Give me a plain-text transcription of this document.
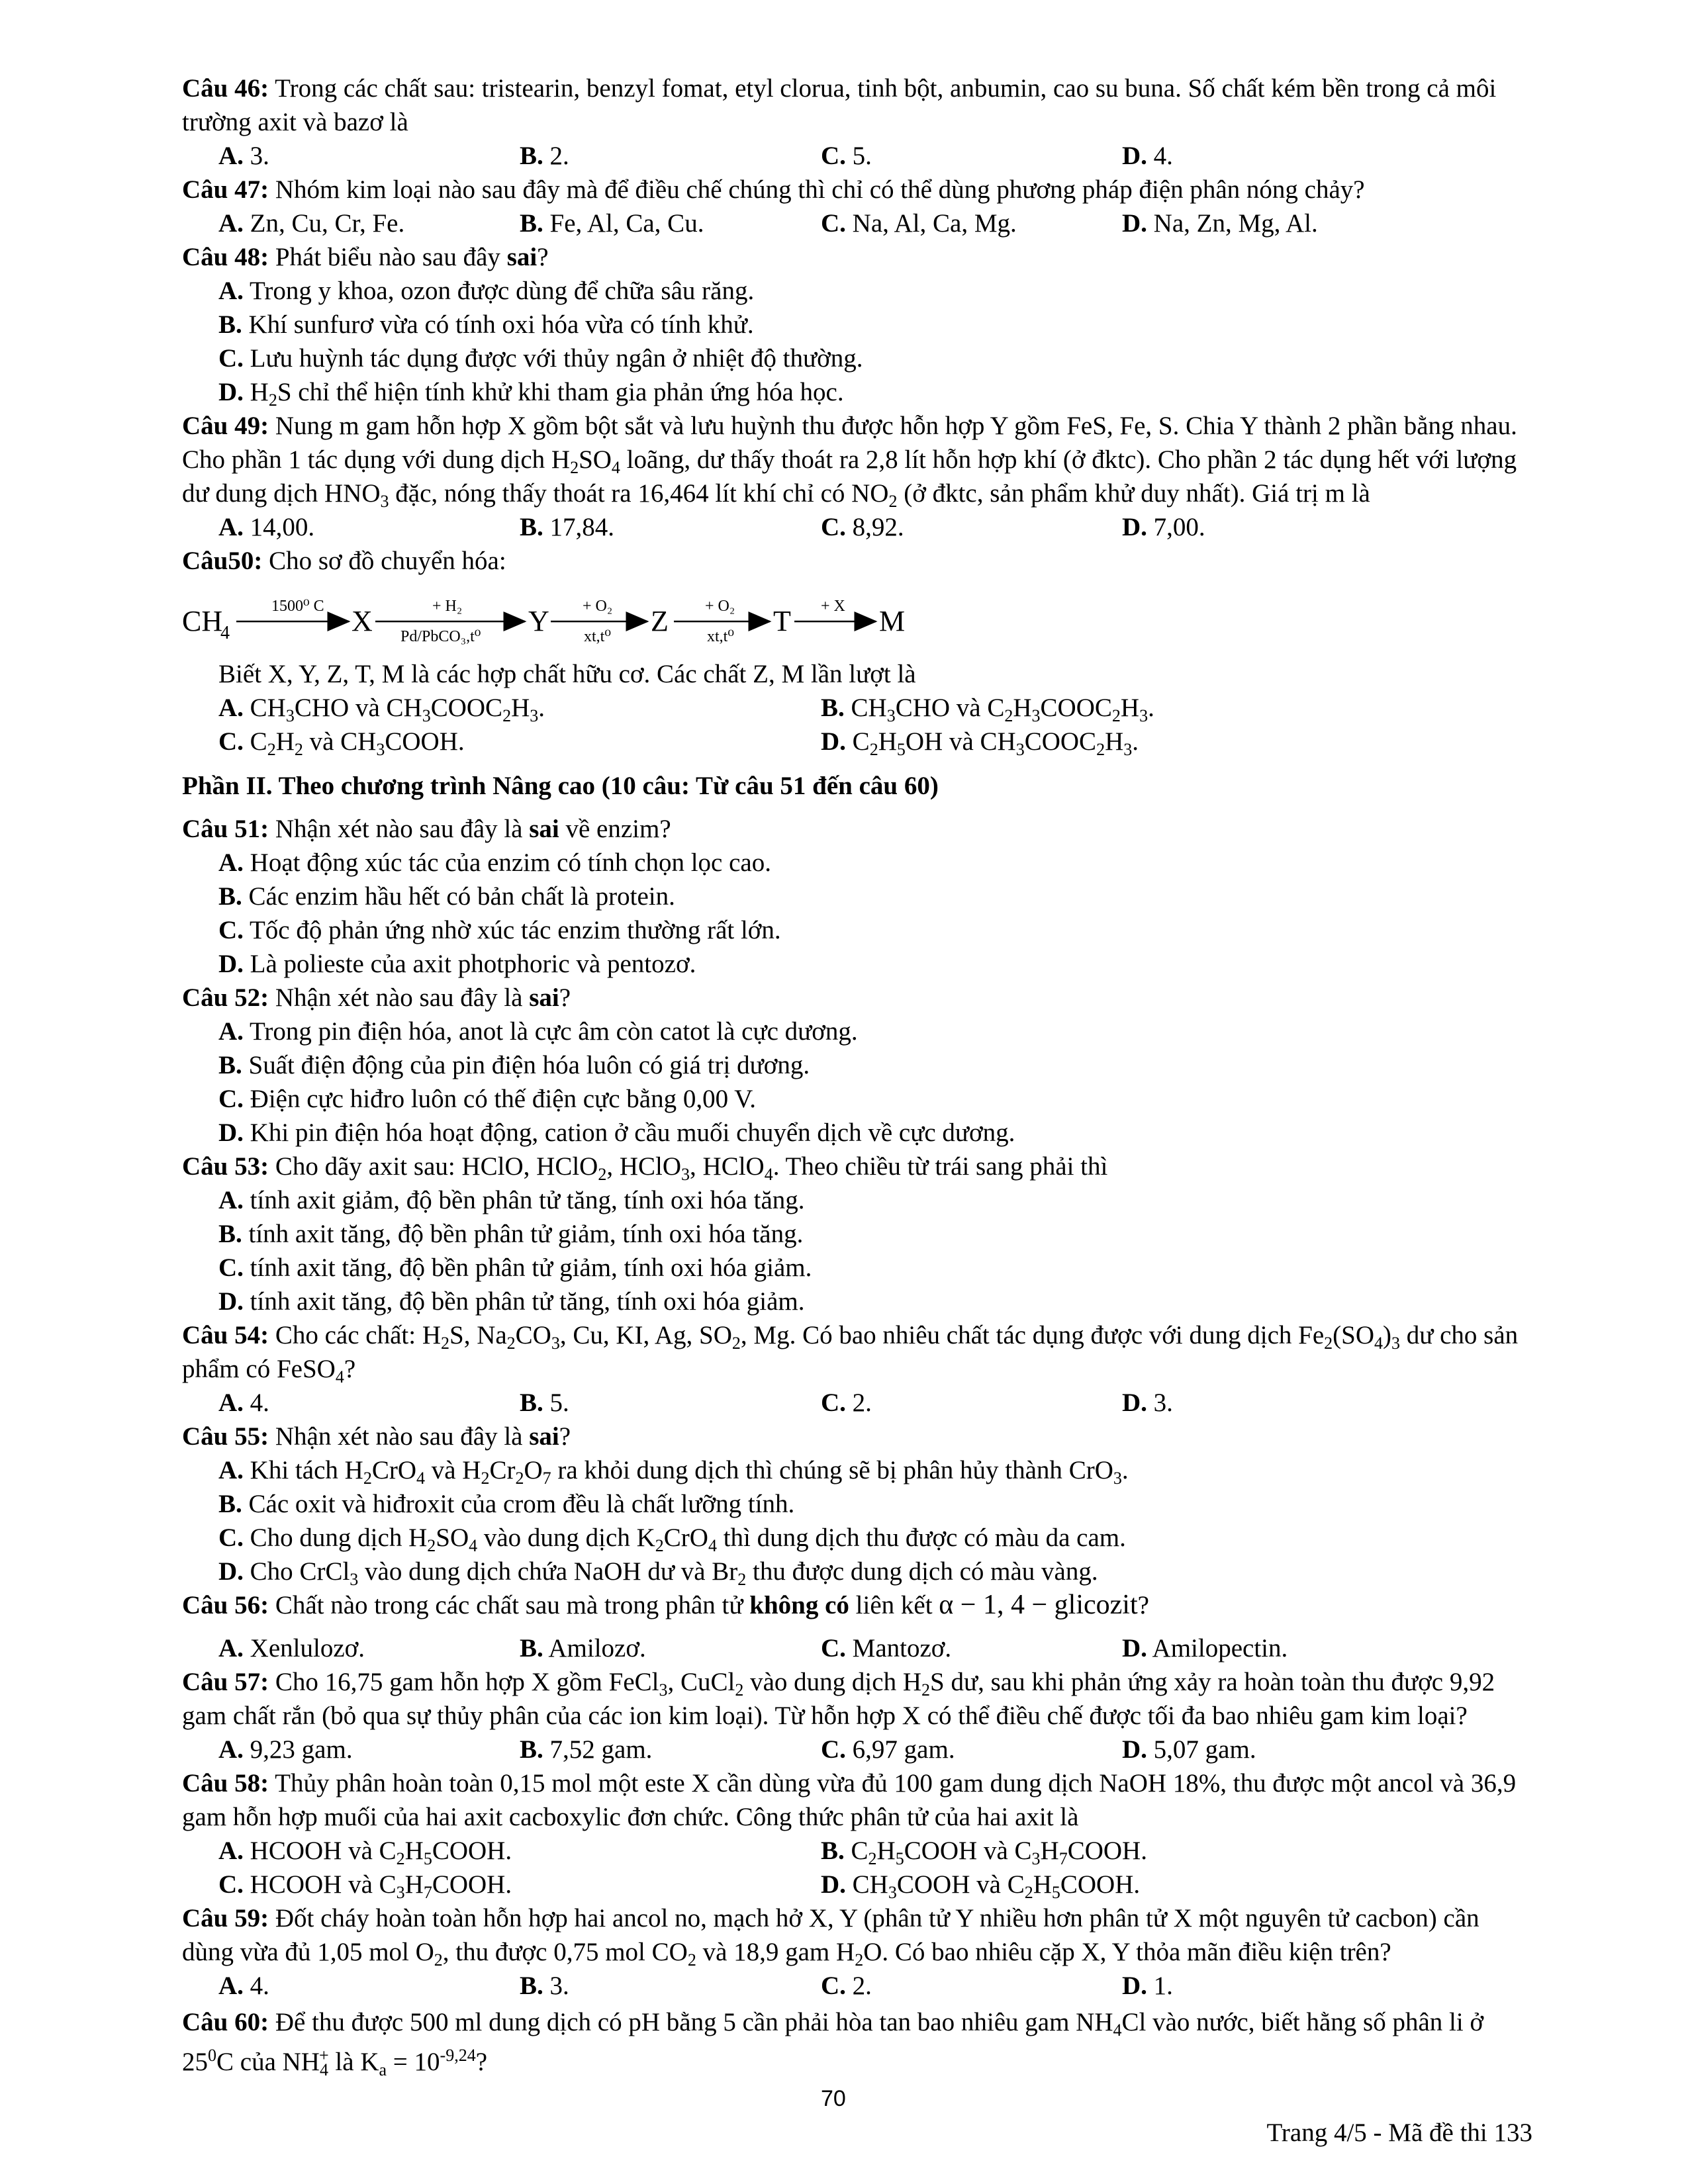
Câu 46: Trong các chất sau: tristearin, benzyl fomat, etyl clorua, tinh bột, anbumin, cao su buna. Số chất kém bền trong cả môi trường axit và bazơ là

A. 3.	B. 2.	C. 5.	D. 4.

Câu 47: Nhóm kim loại nào sau đây mà để điều chế chúng thì chỉ có thể dùng phương pháp điện phân nóng chảy?

A. Zn, Cu, Cr, Fe.	B. Fe, Al, Ca, Cu.	C. Na, Al, Ca, Mg.	D. Na, Zn, Mg, Al.

Câu 48: Phát biểu nào sau đây sai?

A. Trong y khoa, ozon được dùng để chữa sâu răng.
B. Khí sunfurơ vừa có tính oxi hóa vừa có tính khử.
C. Lưu huỳnh tác dụng được với thủy ngân ở nhiệt độ thường.
D. $H_2S$ chỉ thể hiện tính khử khi tham gia phản ứng hóa học.

Câu 49: Nung m gam hỗn hợp X gồm bột sắt và lưu huỳnh thu được hỗn hợp Y gồm FeS, Fe, S. Chia Y thành 2 phần bằng nhau. Cho phần 1 tác dụng với dung dịch $H_2SO_4$ loãng, dư thấy thoát ra 2,8 lít hỗn hợp khí (ở đktc). Cho phần 2 tác dụng hết với lượng dư dung dịch $HNO_3$ đặc, nóng thấy thoát ra 16,464 lít khí chỉ có $NO_2$ (ở đktc, sản phẩm khử duy nhất). Giá trị m là

A. 14,00.	B. 17,84.	C. 8,92.	D. 7,00.

Câu50: Cho sơ đồ chuyển hóa:

CH
4
1500⁰ C X	+ H₂
Pd/PbCO₃,t⁰ Y + O₂
xt,t⁰ Z + O₂
xt,t⁰ T + X M
Biết X, Y, Z, T, M là các hợp chất hữu cơ. Các chất Z, M lần lượt là
A. $CH_3CHO$ và $CH_3COOC_2H_3$.	B. $CH_3CHO$ và $C_2H_3COOC_2H_3$.
C. $C_2H_2$ và $CH_3COOH$.	D. $C_2H_5OH$ và $CH_3COOC_2H_3$.

Phần II. Theo chương trình Nâng cao (10 câu: Từ câu 51 đến câu 60)

Câu 51: Nhận xét nào sau đây là sai về enzim?

A. Hoạt động xúc tác của enzim có tính chọn lọc cao.
B. Các enzim hầu hết có bản chất là protein.
C. Tốc độ phản ứng nhờ xúc tác enzim thường rất lớn.
D. Là polieste của axit photphoric và pentozơ.

Câu 52: Nhận xét nào sau đây là sai?

A. Trong pin điện hóa, anot là cực âm còn catot là cực dương.
B. Suất điện động của pin điện hóa luôn có giá trị dương.
C. Điện cực hiđro luôn có thế điện cực bằng 0,00 V.
D. Khi pin điện hóa hoạt động, cation ở cầu muối chuyển dịch về cực dương.

Câu 53: Cho dãy axit sau: HClO, HClO$_2$, HClO$_3$, HClO$_4$. Theo chiều từ trái sang phải thì

A. tính axit giảm, độ bền phân tử tăng, tính oxi hóa tăng.
B. tính axit tăng, độ bền phân tử giảm, tính oxi hóa tăng.
C. tính axit tăng, độ bền phân tử giảm, tính oxi hóa giảm.
D. tính axit tăng, độ bền phân tử tăng, tính oxi hóa giảm.

Câu 54: Cho các chất: $H_2S$, $Na_2CO_3$, Cu, KI, Ag, $SO_2$, Mg. Có bao nhiêu chất tác dụng được với dung dịch $Fe_2(SO_4)_3$ dư cho sản phẩm có FeSO$_4$?

A. 4.	B. 5.	C. 2.	D. 3.

Câu 55: Nhận xét nào sau đây là sai?

A. Khi tách $H_2CrO_4$ và $H_2Cr_2O_7$ ra khỏi dung dịch thì chúng sẽ bị phân hủy thành CrO$_3$.
B. Các oxit và hiđroxit của crom đều là chất lưỡng tính.
C. Cho dung dịch $H_2SO_4$ vào dung dịch $K_2CrO_4$ thì dung dịch thu được có màu da cam.
D. Cho CrCl$_3$ vào dung dịch chứa NaOH dư và $Br_2$ thu được dung dịch có màu vàng.

Câu 56: Chất nào trong các chất sau mà trong phân tử không có liên kết α − 1, 4 − glicozit?

A. Xenlulozơ.	B. Amilozơ.	C. Mantozơ.	D. Amilopectin.

Câu 57: Cho 16,75 gam hỗn hợp X gồm FeCl$_3$, CuCl$_2$ vào dung dịch $H_2S$ dư, sau khi phản ứng xảy ra hoàn toàn thu được 9,92 gam chất rắn (bỏ qua sự thủy phân của các ion kim loại). Từ hỗn hợp X có thể điều chế được tối đa bao nhiêu gam kim loại?

A. 9,23 gam.	B. 7,52 gam.	C. 6,97 gam.	D. 5,07 gam.

Câu 58: Thủy phân hoàn toàn 0,15 mol một este X cần dùng vừa đủ 100 gam dung dịch NaOH 18%, thu được một ancol và 36,9 gam hỗn hợp muối của hai axit cacboxylic đơn chức. Công thức phân tử của hai axit là

A. HCOOH và $C_2H_5COOH$.	B. $C_2H_5COOH$ và $C_3H_7COOH$.
C. HCOOH và $C_3H_7COOH$.	D. $CH_3COOH$ và $C_2H_5COOH$.

Câu 59: Đốt cháy hoàn toàn hỗn hợp hai ancol no, mạch hở X, Y (phân tử Y nhiều hơn phân tử X một nguyên tử cacbon) cần dùng vừa đủ 1,05 mol $O_2$, thu được 0,75 mol $CO_2$ và 18,9 gam $H_2O$. Có bao nhiêu cặp X, Y thỏa mãn điều kiện trên?

A. 4.	B. 3.	C. 2.	D. 1.

Câu 60: Để thu được 500 ml dung dịch có pH bằng 5 cần phải hòa tan bao nhiêu gam $NH_4Cl$ vào nước, biết hằng số phân li ở $25^0C$ của $NH_4^+$ là $K_a = 10^{-9,24}$?

70
Trang 4/5 - Mã đề thi 133
